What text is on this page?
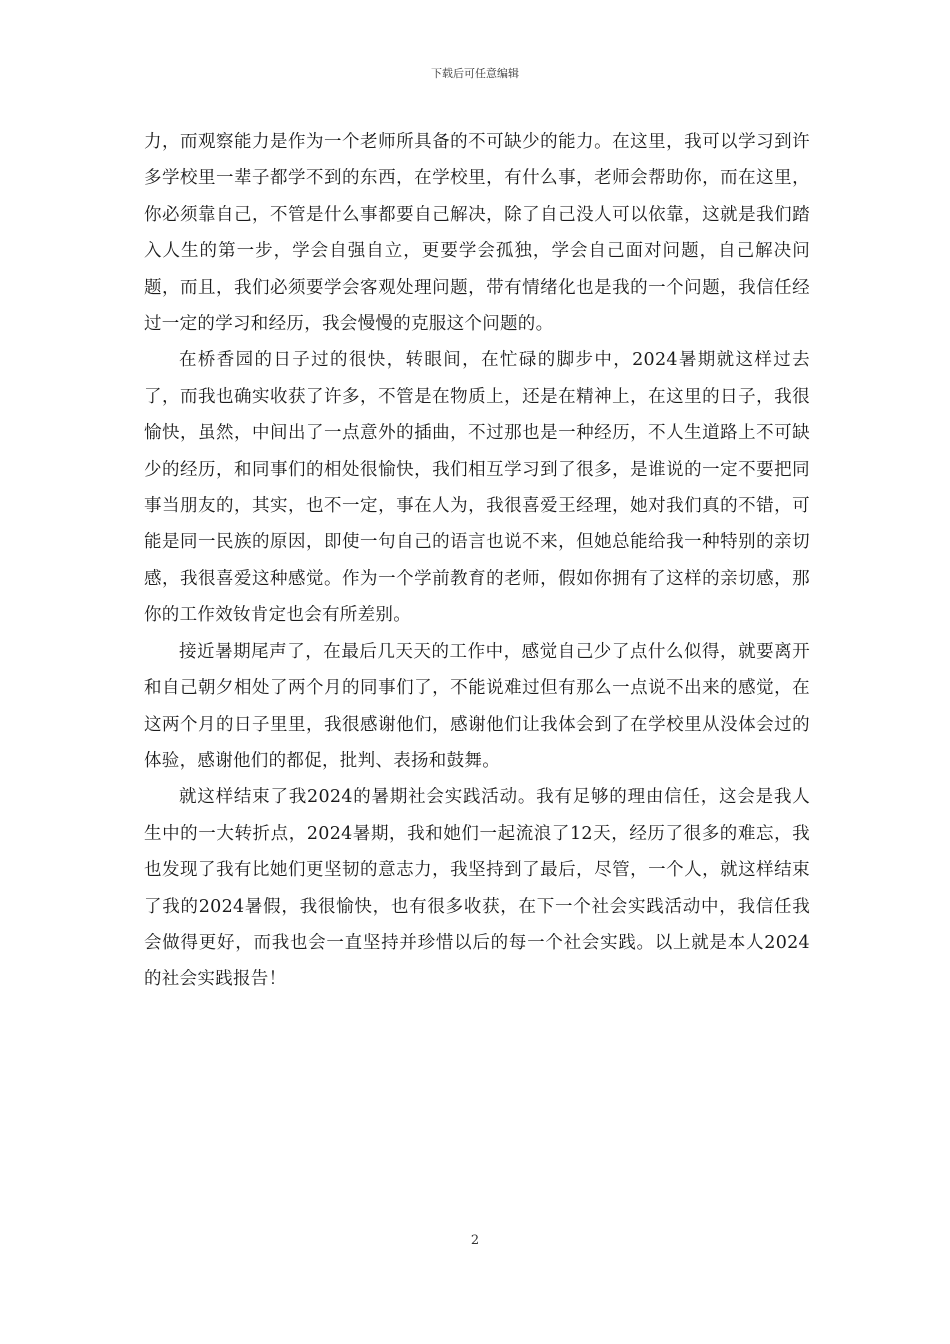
下载后可任意编辑

力，而观察能力是作为一个老师所具备的不可缺少的能力。在这里，我可以学习到许多学校里一辈子都学不到的东西，在学校里，有什么事，老师会帮助你，而在这里，你必须靠自己，不管是什么事都要自己解决，除了自己没人可以依靠，这就是我们踏入人生的第一步，学会自强自立，更要学会孤独，学会自己面对问题，自己解决问题，而且，我们必须要学会客观处理问题，带有情绪化也是我的一个问题，我信任经过一定的学习和经历，我会慢慢的克服这个问题的。

在桥香园的日子过的很快，转眼间，在忙碌的脚步中，2024暑期就这样过去了，而我也确实收获了许多，不管是在物质上，还是在精神上，在这里的日子，我很愉快，虽然，中间出了一点意外的插曲，不过那也是一种经历，不人生道路上不可缺少的经历，和同事们的相处很愉快，我们相互学习到了很多，是谁说的一定不要把同事当朋友的，其实，也不一定，事在人为，我很喜爱王经理，她对我们真的不错，可能是同一民族的原因，即使一句自己的语言也说不来，但她总能给我一种特别的亲切感，我很喜爱这种感觉。作为一个学前教育的老师，假如你拥有了这样的亲切感，那你的工作效钕肯定也会有所差别。

接近暑期尾声了，在最后几天天的工作中，感觉自己少了点什么似得，就要离开和自己朝夕相处了两个月的同事们了，不能说难过但有那么一点说不出来的感觉，在这两个月的日子里里，我很感谢他们，感谢他们让我体会到了在学校里从没体会过的体验，感谢他们的都促，批判、表扬和鼓舞。

就这样结束了我2024的暑期社会实践活动。我有足够的理由信任，这会是我人生中的一大转折点，2024暑期，我和她们一起流浪了12天，经历了很多的难忘，我也发现了我有比她们更坚韧的意志力，我坚持到了最后，尽管，一个人，就这样结束了我的2024暑假，我很愉快，也有很多收获，在下一个社会实践活动中，我信任我会做得更好，而我也会一直坚持并珍惜以后的每一个社会实践。以上就是本人2024的社会实践报告！

2
